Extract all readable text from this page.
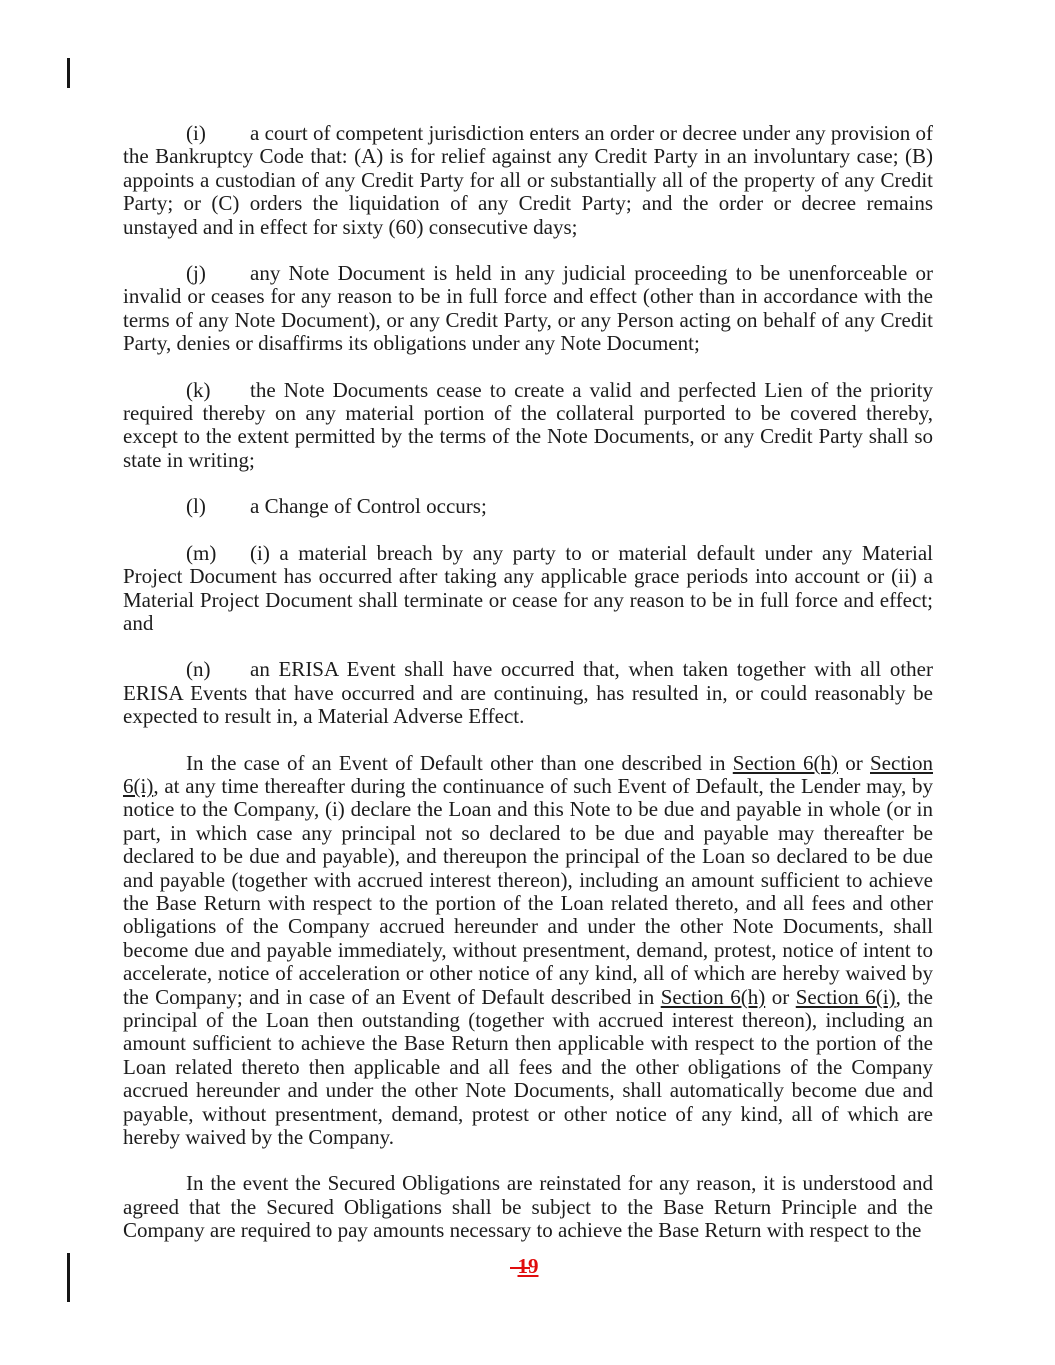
(i) a court of competent jurisdiction enters an order or decree under any provision of the Bankruptcy Code that: (A) is for relief against any Credit Party in an involuntary case; (B) appoints a custodian of any Credit Party for all or substantially all of the property of any Credit Party; or (C) orders the liquidation of any Credit Party; and the order or decree remains unstayed and in effect for sixty (60) consecutive days;

(j) any Note Document is held in any judicial proceeding to be unenforceable or invalid or ceases for any reason to be in full force and effect (other than in accordance with the terms of any Note Document), or any Credit Party, or any Person acting on behalf of any Credit Party, denies or disaffirms its obligations under any Note Document;

(k) the Note Documents cease to create a valid and perfected Lien of the priority required thereby on any material portion of the collateral purported to be covered thereby, except to the extent permitted by the terms of the Note Documents, or any Credit Party shall so state in writing;

(l) a Change of Control occurs;

(m) (i) a material breach by any party to or material default under any Material Project Document has occurred after taking any applicable grace periods into account or (ii) a Material Project Document shall terminate or cease for any reason to be in full force and effect; and

(n) an ERISA Event shall have occurred that, when taken together with all other ERISA Events that have occurred and are continuing, has resulted in, or could reasonably be expected to result in, a Material Adverse Effect.

In the case of an Event of Default other than one described in Section 6(h) or Section 6(i), at any time thereafter during the continuance of such Event of Default, the Lender may, by notice to the Company, (i) declare the Loan and this Note to be due and payable in whole (or in part, in which case any principal not so declared to be due and payable may thereafter be declared to be due and payable), and thereupon the principal of the Loan so declared to be due and payable (together with accrued interest thereon), including an amount sufficient to achieve the Base Return with respect to the portion of the Loan related thereto, and all fees and other obligations of the Company accrued hereunder and under the other Note Documents, shall become due and payable immediately, without presentment, demand, protest, notice of intent to accelerate, notice of acceleration or other notice of any kind, all of which are hereby waived by the Company; and in case of an Event of Default described in Section 6(h) or Section 6(i), the principal of the Loan then outstanding (together with accrued interest thereon), including an amount sufficient to achieve the Base Return then applicable with respect to the portion of the Loan related thereto then applicable and all fees and the other obligations of the Company accrued hereunder and under the other Note Documents, shall automatically become due and payable, without presentment, demand, protest or other notice of any kind, all of which are hereby waived by the Company.

In the event the Secured Obligations are reinstated for any reason, it is understood and agreed that the Secured Obligations shall be subject to the Base Return Principle and the Company are required to pay amounts necessary to achieve the Base Return with respect to the

19
